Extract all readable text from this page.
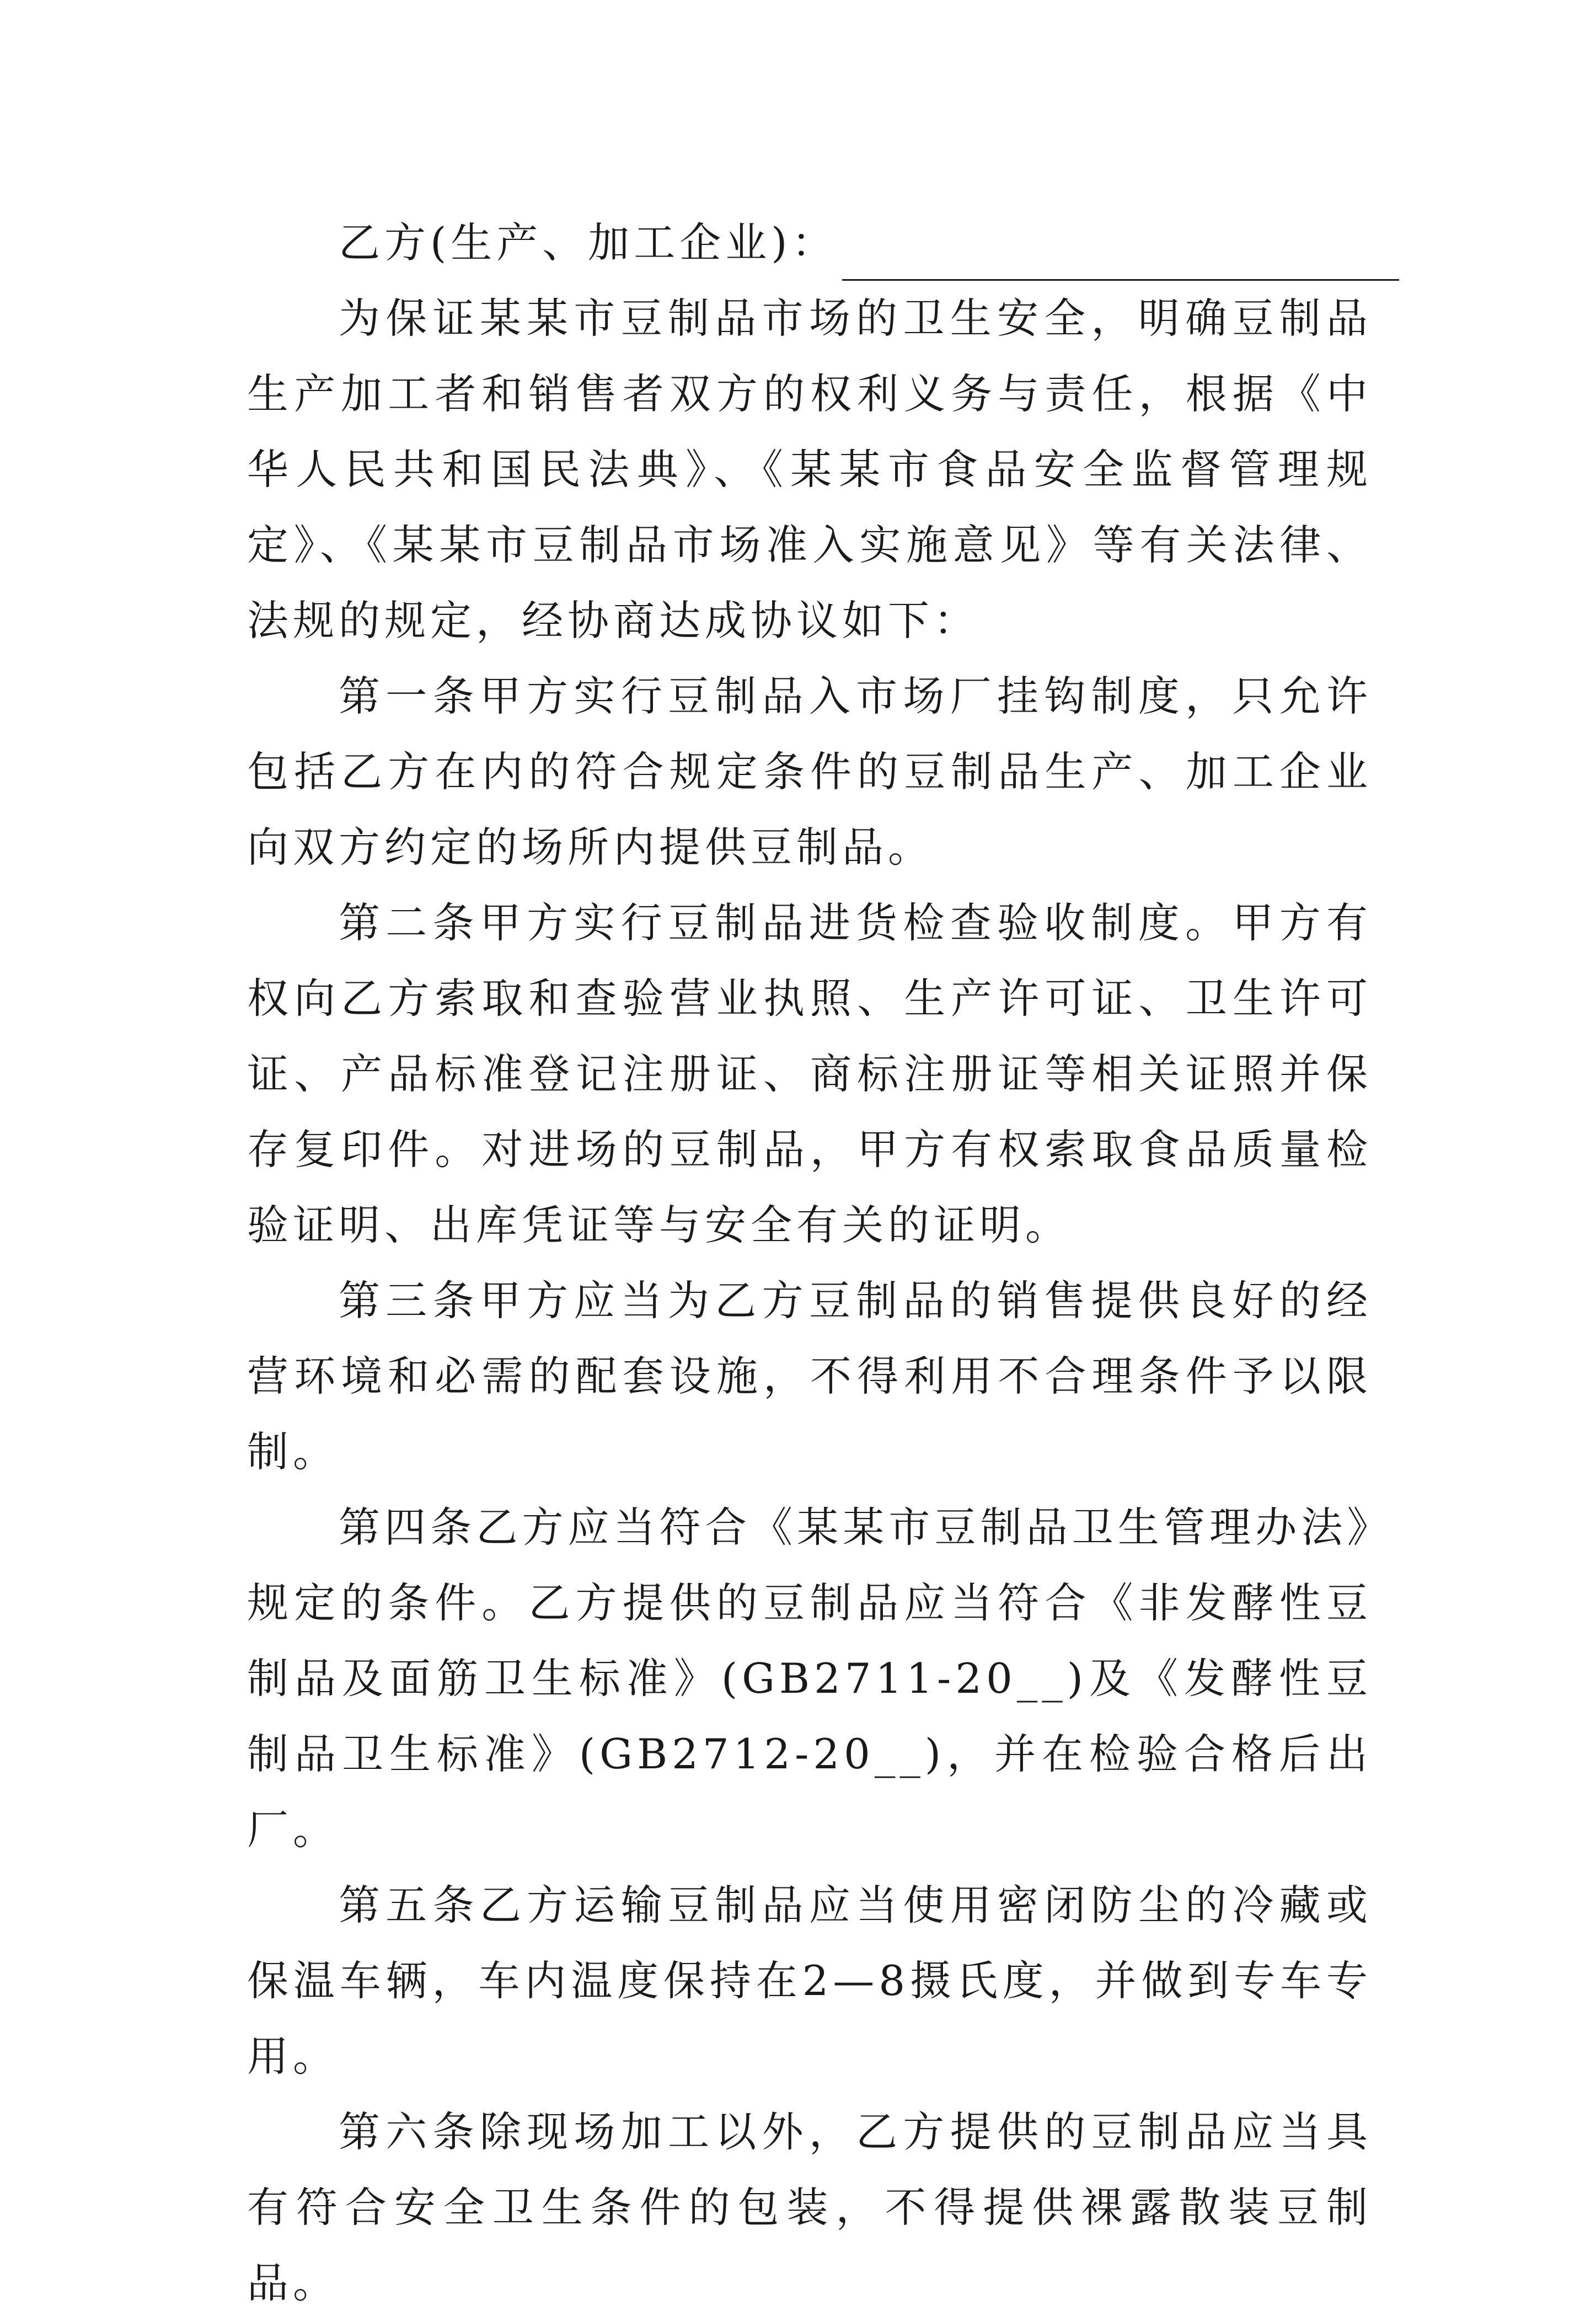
乙方(生产、加工企业)：

为保证某某市豆制品市场的卫生安全，明确豆制品生产加工者和销售者双方的权利义务与责任，根据《中华人民共和国民法典》、《某某市食品安全监督管理规定》、《某某市豆制品市场准入实施意见》等有关法律、法规的规定，经协商达成协议如下：

第一条甲方实行豆制品入市场厂挂钩制度，只允许包括乙方在内的符合规定条件的豆制品生产、加工企业向双方约定的场所内提供豆制品。

第二条甲方实行豆制品进货检查验收制度。甲方有权向乙方索取和查验营业执照、生产许可证、卫生许可证、产品标准登记注册证、商标注册证等相关证照并保存复印件。对进场的豆制品，甲方有权索取食品质量检验证明、出库凭证等与安全有关的证明。

第三条甲方应当为乙方豆制品的销售提供良好的经营环境和必需的配套设施，不得利用不合理条件予以限制。

第四条乙方应当符合《某某市豆制品卫生管理办法》规定的条件。乙方提供的豆制品应当符合《非发酵性豆制品及面筋卫生标准》(GB2711-20__)及《发酵性豆制品卫生标准》(GB2712-20__)，并在检验合格后出厂。

第五条乙方运输豆制品应当使用密闭防尘的冷藏或保温车辆，车内温度保持在2—8摄氏度，并做到专车专用。

第六条除现场加工以外，乙方提供的豆制品应当具有符合安全卫生条件的包装，不得提供裸露散装豆制品。
